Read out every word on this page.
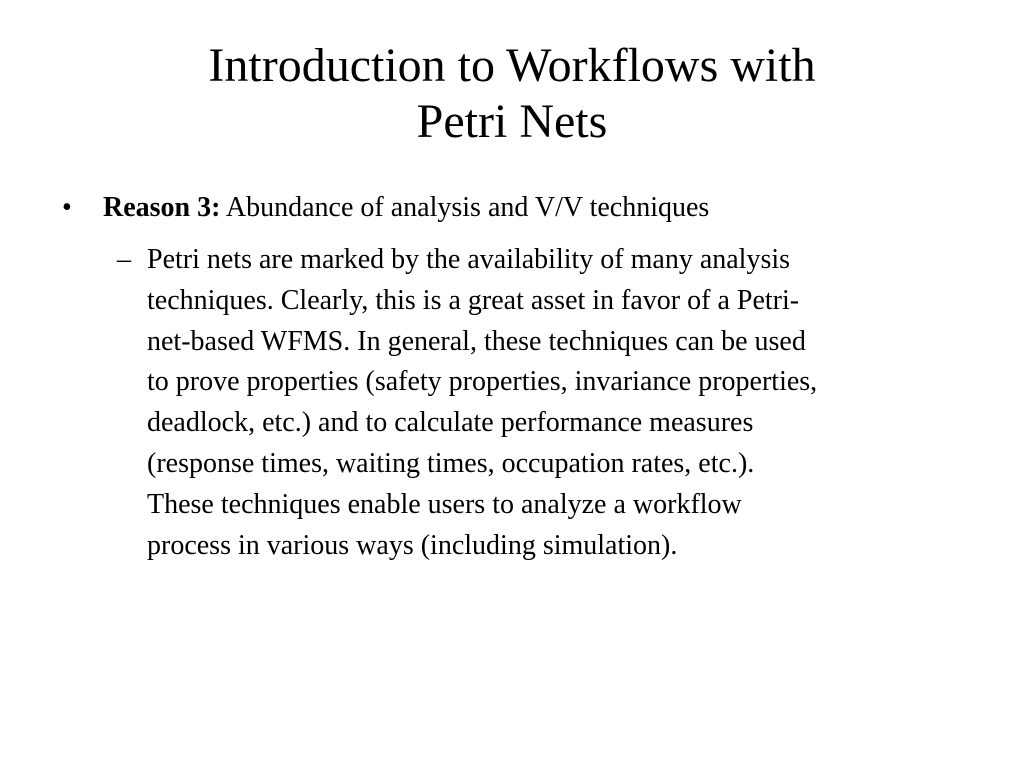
Introduction to Workflows with
Petri Nets
• Reason 3: Abundance of analysis and V/V techniques
– Petri nets are marked by the availability of many analysis
techniques. Clearly, this is a great asset in favor of a Petri-
net-based WFMS. In general, these techniques can be used
to prove properties (safety properties, invariance properties,
deadlock, etc.) and to calculate performance measures
(response times, waiting times, occupation rates, etc.).
These techniques enable users to analyze a workflow
process in various ways (including simulation).
